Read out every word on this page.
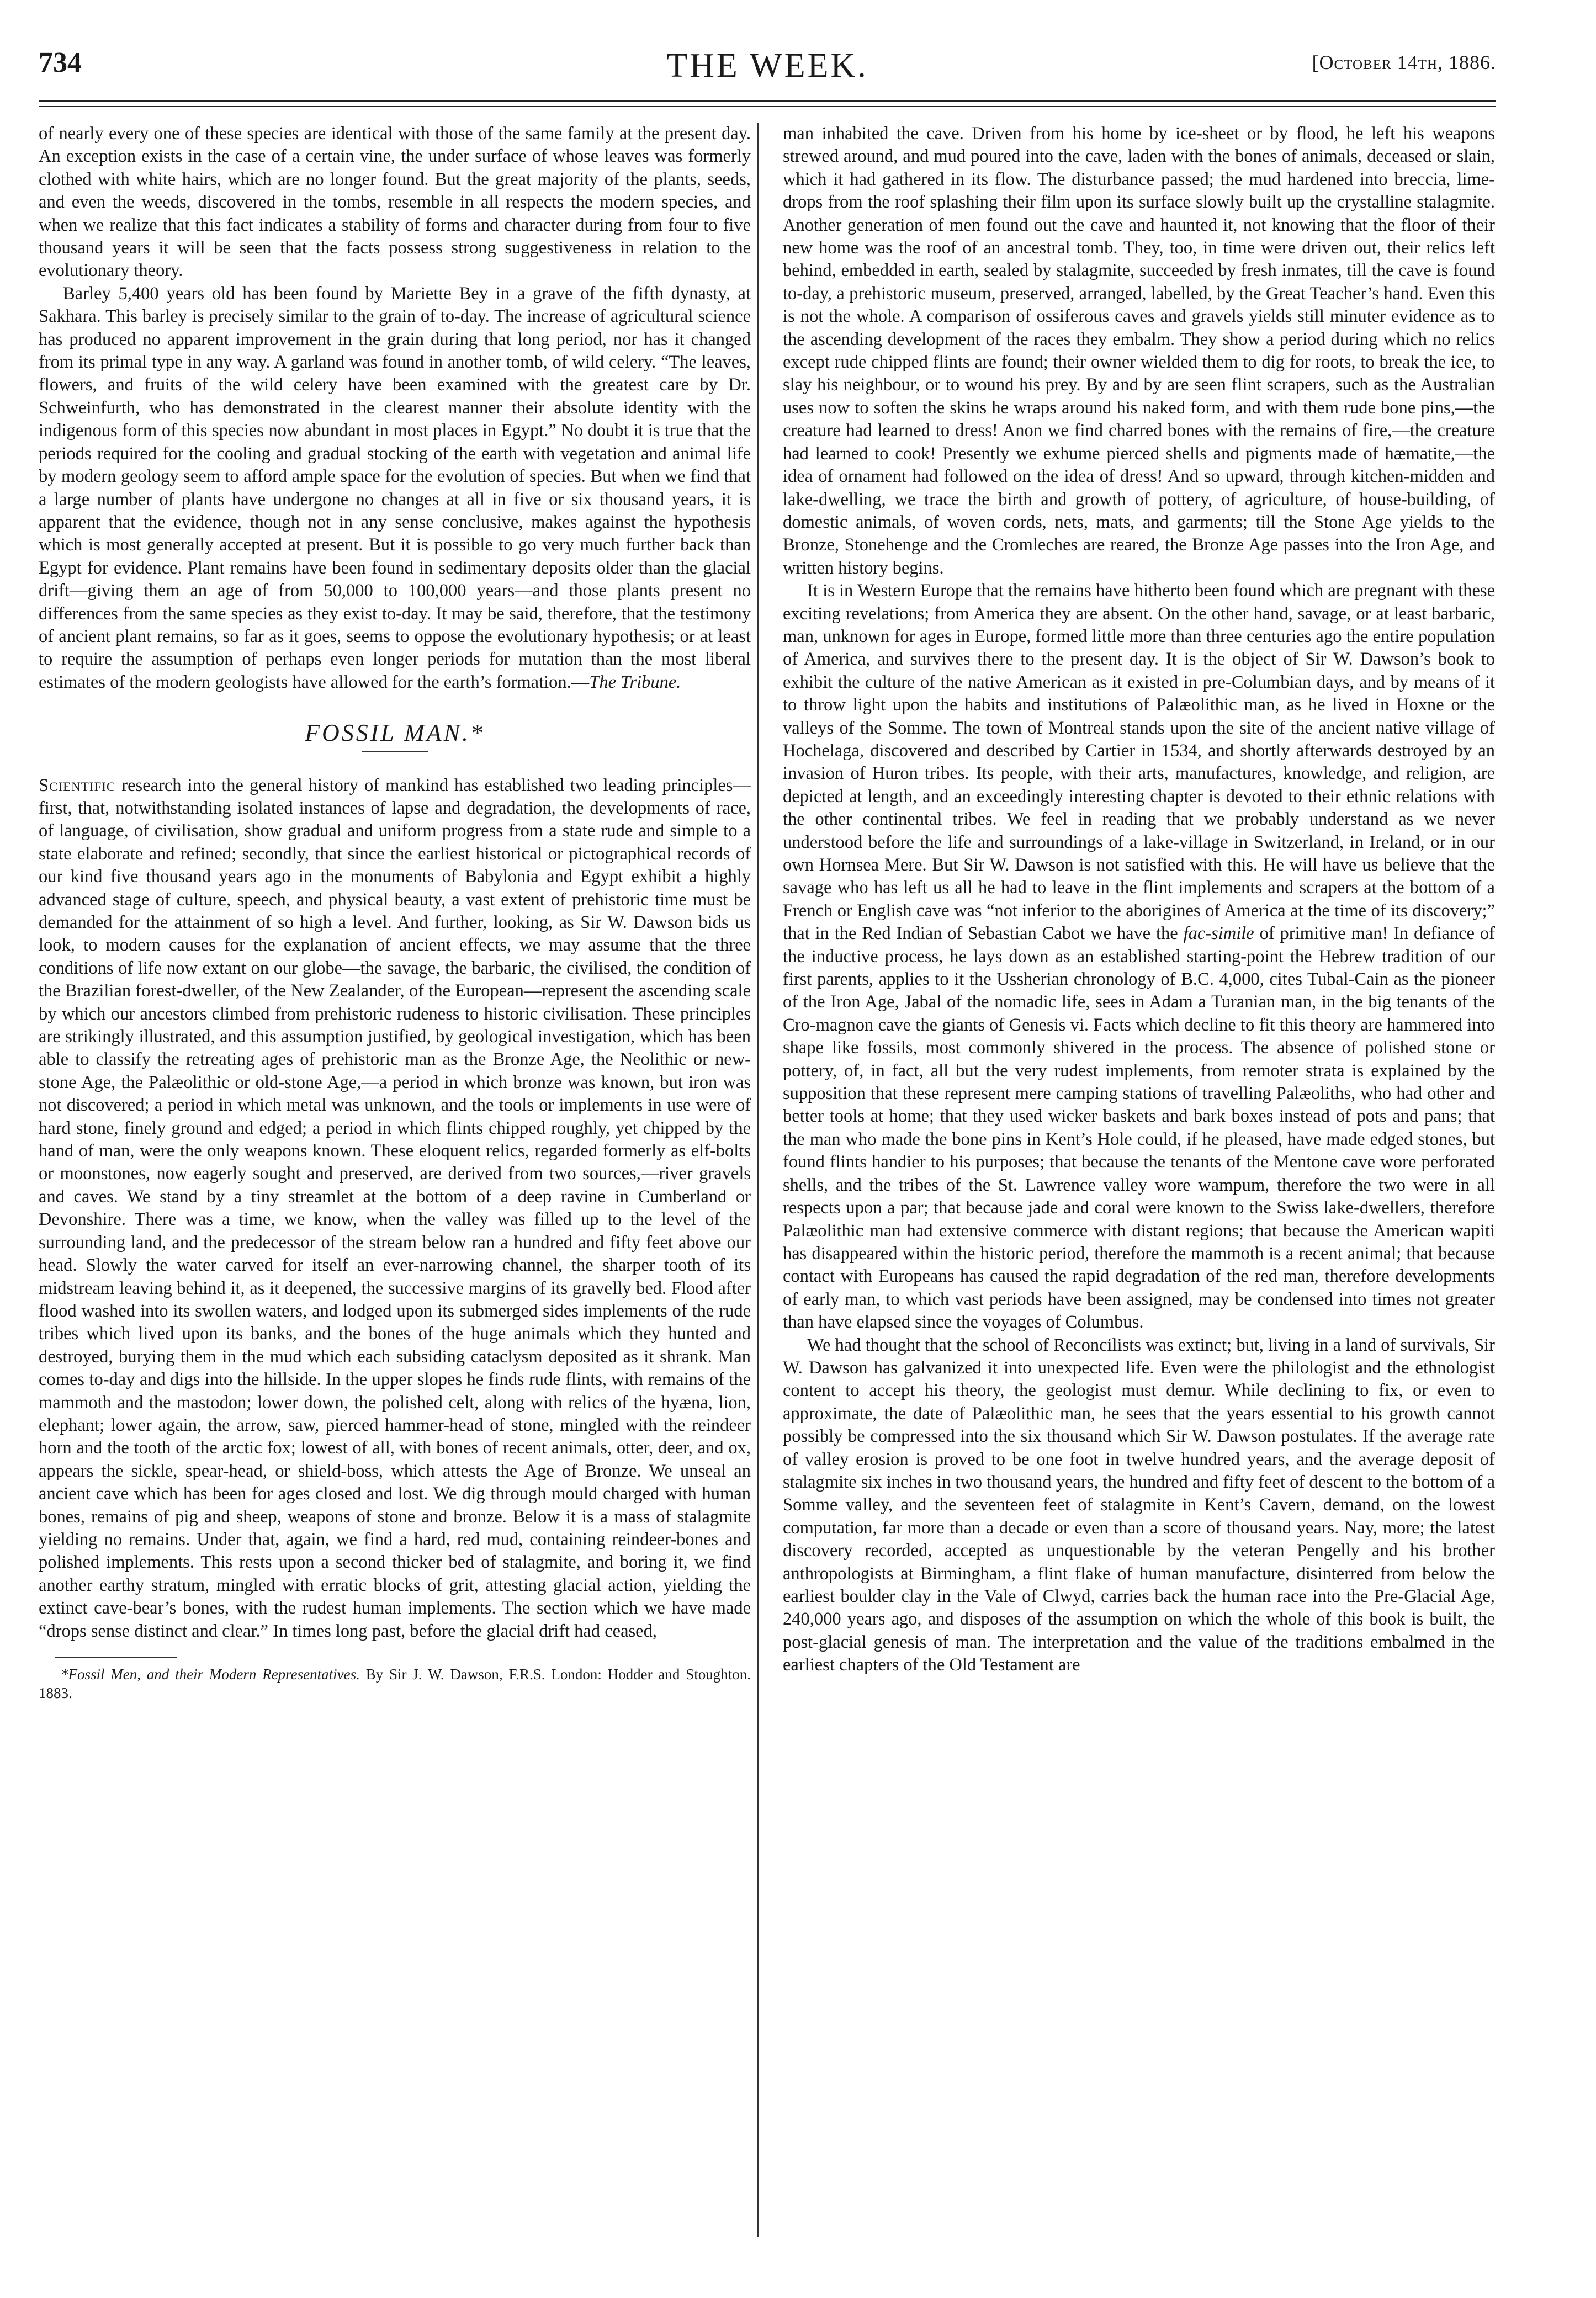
734	THE WEEK.	[October 14th, 1886.

of nearly every one of these species are identical with those of the same family at the present day. An exception exists in the case of a certain vine, the under surface of whose leaves was formerly clothed with white hairs, which are no longer found. But the great majority of the plants, seeds, and even the weeds, discovered in the tombs, resemble in all respects the modern species, and when we realize that this fact indicates a stability of forms and character during from four to five thousand years it will be seen that the facts possess strong suggestiveness in relation to the evolutionary theory.

Barley 5,400 years old has been found by Mariette Bey in a grave of the fifth dynasty, at Sakhara. This barley is precisely similar to the grain of to-day. The increase of agricultural science has produced no apparent improvement in the grain during that long period, nor has it changed from its primal type in any way. A garland was found in another tomb, of wild celery. “The leaves, flowers, and fruits of the wild celery have been examined with the greatest care by Dr. Schweinfurth, who has demonstrated in the clearest manner their absolute identity with the indigenous form of this species now abundant in most places in Egypt.” No doubt it is true that the periods required for the cooling and gradual stocking of the earth with vegetation and animal life by modern geology seem to afford ample space for the evolution of species. But when we find that a large number of plants have undergone no changes at all in five or six thousand years, it is apparent that the evidence, though not in any sense conclusive, makes against the hypothesis which is most generally accepted at present. But it is possible to go very much further back than Egypt for evidence. Plant remains have been found in sedimentary deposits older than the glacial drift—giving them an age of from 50,000 to 100,000 years—and those plants present no differences from the same species as they exist to-day. It may be said, therefore, that the testimony of ancient plant remains, so far as it goes, seems to oppose the evolutionary hypothesis; or at least to require the assumption of perhaps even longer periods for mutation than the most liberal estimates of the modern geologists have allowed for the earth’s formation.—The Tribune.

FOSSIL MAN.*

Scientific research into the general history of mankind has established two leading principles—first, that, notwithstanding isolated instances of lapse and degradation, the developments of race, of language, of civilisation, show gradual and uniform progress from a state rude and simple to a state elaborate and refined; secondly, that since the earliest historical or pictographical records of our kind five thousand years ago in the monuments of Babylonia and Egypt exhibit a highly advanced stage of culture, speech, and physical beauty, a vast extent of prehistoric time must be demanded for the attainment of so high a level. And further, looking, as Sir W. Dawson bids us look, to modern causes for the explanation of ancient effects, we may assume that the three conditions of life now extant on our globe—the savage, the barbaric, the civilised, the condition of the Brazilian forest-dweller, of the New Zealander, of the European—represent the ascending scale by which our ancestors climbed from prehistoric rudeness to historic civilisation. These principles are strikingly illustrated, and this assumption justified, by geological investigation, which has been able to classify the retreating ages of prehistoric man as the Bronze Age, the Neolithic or new-stone Age, the Palæolithic or old-stone Age,—a period in which bronze was known, but iron was not discovered; a period in which metal was unknown, and the tools or implements in use were of hard stone, finely ground and edged; a period in which flints chipped roughly, yet chipped by the hand of man, were the only weapons known. These eloquent relics, regarded formerly as elf-bolts or moonstones, now eagerly sought and preserved, are derived from two sources,—river gravels and caves. We stand by a tiny streamlet at the bottom of a deep ravine in Cumberland or Devonshire. There was a time, we know, when the valley was filled up to the level of the surrounding land, and the predecessor of the stream below ran a hundred and fifty feet above our head. Slowly the water carved for itself an ever-narrowing channel, the sharper tooth of its midstream leaving behind it, as it deepened, the successive margins of its gravelly bed. Flood after flood washed into its swollen waters, and lodged upon its submerged sides implements of the rude tribes which lived upon its banks, and the bones of the huge animals which they hunted and destroyed, burying them in the mud which each subsiding cataclysm deposited as it shrank. Man comes to-day and digs into the hillside. In the upper slopes he finds rude flints, with remains of the mammoth and the mastodon; lower down, the polished celt, along with relics of the hyæna, lion, elephant; lower again, the arrow, saw, pierced hammer-head of stone, mingled with the reindeer horn and the tooth of the arctic fox; lowest of all, with bones of recent animals, otter, deer, and ox, appears the sickle, spear-head, or shield-boss, which attests the Age of Bronze. We unseal an ancient cave which has been for ages closed and lost. We dig through mould charged with human bones, remains of pig and sheep, weapons of stone and bronze. Below it is a mass of stalagmite yielding no remains. Under that, again, we find a hard, red mud, containing reindeer-bones and polished implements. This rests upon a second thicker bed of stalagmite, and boring it, we find another earthy stratum, mingled with erratic blocks of grit, attesting glacial action, yielding the extinct cave-bear’s bones, with the rudest human implements. The section which we have made “drops sense distinct and clear.” In times long past, before the glacial drift had ceased,

*Fossil Men, and their Modern Representatives. By Sir J. W. Dawson, F.R.S. London: Hodder and Stoughton. 1883.

man inhabited the cave. Driven from his home by ice-sheet or by flood, he left his weapons strewed around, and mud poured into the cave, laden with the bones of animals, deceased or slain, which it had gathered in its flow. The disturbance passed; the mud hardened into breccia, lime-drops from the roof splashing their film upon its surface slowly built up the crystalline stalagmite. Another generation of men found out the cave and haunted it, not knowing that the floor of their new home was the roof of an ancestral tomb. They, too, in time were driven out, their relics left behind, embedded in earth, sealed by stalagmite, succeeded by fresh inmates, till the cave is found to-day, a prehistoric museum, preserved, arranged, labelled, by the Great Teacher’s hand. Even this is not the whole. A comparison of ossiferous caves and gravels yields still minuter evidence as to the ascending development of the races they embalm. They show a period during which no relics except rude chipped flints are found; their owner wielded them to dig for roots, to break the ice, to slay his neighbour, or to wound his prey. By and by are seen flint scrapers, such as the Australian uses now to soften the skins he wraps around his naked form, and with them rude bone pins,—the creature had learned to dress! Anon we find charred bones with the remains of fire,—the creature had learned to cook! Presently we exhume pierced shells and pigments made of hæmatite,—the idea of ornament had followed on the idea of dress! And so upward, through kitchen-midden and lake-dwelling, we trace the birth and growth of pottery, of agriculture, of house-building, of domestic animals, of woven cords, nets, mats, and garments; till the Stone Age yields to the Bronze, Stonehenge and the Cromleches are reared, the Bronze Age passes into the Iron Age, and written history begins.

It is in Western Europe that the remains have hitherto been found which are pregnant with these exciting revelations; from America they are absent. On the other hand, savage, or at least barbaric, man, unknown for ages in Europe, formed little more than three centuries ago the entire population of America, and survives there to the present day. It is the object of Sir W. Dawson’s book to exhibit the culture of the native American as it existed in pre-Columbian days, and by means of it to throw light upon the habits and institutions of Palæolithic man, as he lived in Hoxne or the valleys of the Somme. The town of Montreal stands upon the site of the ancient native village of Hochelaga, discovered and described by Cartier in 1534, and shortly afterwards destroyed by an invasion of Huron tribes. Its people, with their arts, manufactures, knowledge, and religion, are depicted at length, and an exceedingly interesting chapter is devoted to their ethnic relations with the other continental tribes. We feel in reading that we probably understand as we never understood before the life and surroundings of a lake-village in Switzerland, in Ireland, or in our own Hornsea Mere. But Sir W. Dawson is not satisfied with this. He will have us believe that the savage who has left us all he had to leave in the flint implements and scrapers at the bottom of a French or English cave was “not inferior to the aborigines of America at the time of its discovery;” that in the Red Indian of Sebastian Cabot we have the fac-simile of primitive man! In defiance of the inductive process, he lays down as an established starting-point the Hebrew tradition of our first parents, applies to it the Ussherian chronology of B.C. 4,000, cites Tubal-Cain as the pioneer of the Iron Age, Jabal of the nomadic life, sees in Adam a Turanian man, in the big tenants of the Cro-magnon cave the giants of Genesis vi. Facts which decline to fit this theory are hammered into shape like fossils, most commonly shivered in the process. The absence of polished stone or pottery, of, in fact, all but the very rudest implements, from remoter strata is explained by the supposition that these represent mere camping stations of travelling Palæoliths, who had other and better tools at home; that they used wicker baskets and bark boxes instead of pots and pans; that the man who made the bone pins in Kent’s Hole could, if he pleased, have made edged stones, but found flints handier to his purposes; that because the tenants of the Mentone cave wore perforated shells, and the tribes of the St. Lawrence valley wore wampum, therefore the two were in all respects upon a par; that because jade and coral were known to the Swiss lake-dwellers, therefore Palæolithic man had extensive commerce with distant regions; that because the American wapiti has disappeared within the historic period, therefore the mammoth is a recent animal; that because contact with Europeans has caused the rapid degradation of the red man, therefore developments of early man, to which vast periods have been assigned, may be condensed into times not greater than have elapsed since the voyages of Columbus.

We had thought that the school of Reconcilists was extinct; but, living in a land of survivals, Sir W. Dawson has galvanized it into unexpected life. Even were the philologist and the ethnologist content to accept his theory, the geologist must demur. While declining to fix, or even to approximate, the date of Palæolithic man, he sees that the years essential to his growth cannot possibly be compressed into the six thousand which Sir W. Dawson postulates. If the average rate of valley erosion is proved to be one foot in twelve hundred years, and the average deposit of stalagmite six inches in two thousand years, the hundred and fifty feet of descent to the bottom of a Somme valley, and the seventeen feet of stalagmite in Kent’s Cavern, demand, on the lowest computation, far more than a decade or even than a score of thousand years. Nay, more; the latest discovery recorded, accepted as unquestionable by the veteran Pengelly and his brother anthropologists at Birmingham, a flint flake of human manufacture, disinterred from below the earliest boulder clay in the Vale of Clwyd, carries back the human race into the Pre-Glacial Age, 240,000 years ago, and disposes of the assumption on which the whole of this book is built, the post-glacial genesis of man. The interpretation and the value of the traditions embalmed in the earliest chapters of the Old Testament are
